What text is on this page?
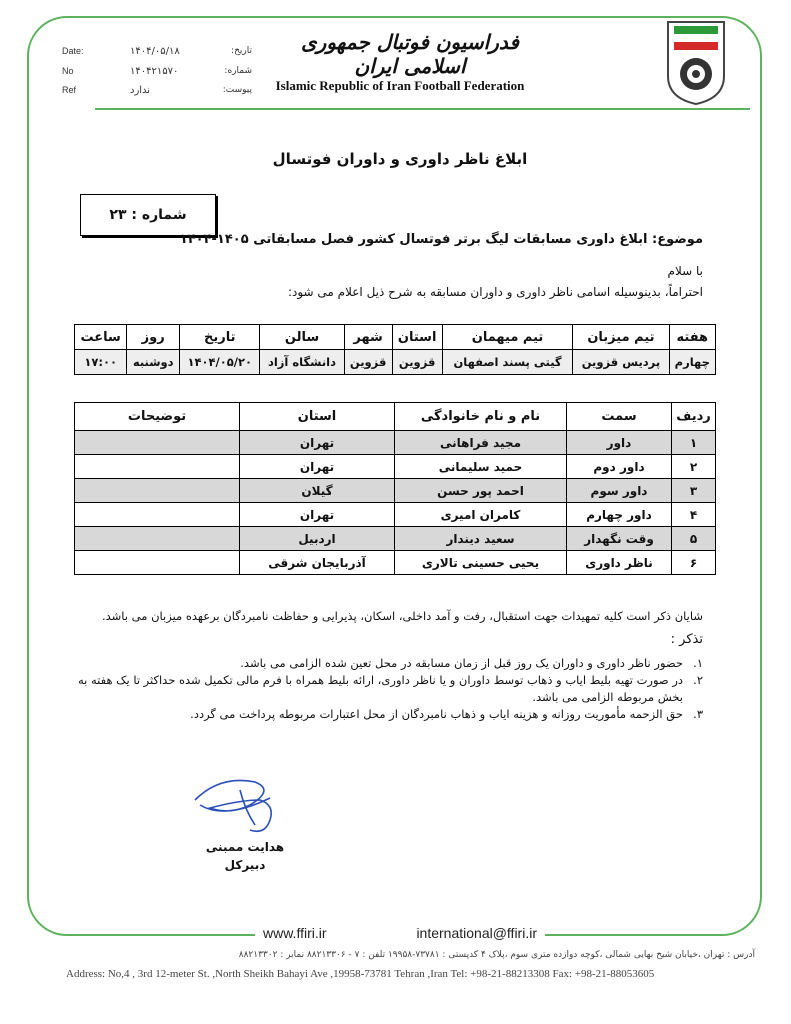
فدراسیون فوتبال جمهوری اسلامی ایران
Islamic Republic of Iran Football Federation
Date:	۱۴۰۴/۰۵/۱۸	تاریخ:
No	۱۴۰۴۲۱۵۷۰	شماره:
Ref	ندارد	پیوست:
ابلاغ ناظر داوری و داوران فوتسال
شماره : ۲۳
موضوع: ابلاغ داوری مسابقات لیگ برتر فوتسال کشور فصل مسابقاتی ۱۴۰۵-۱۴۰۴
با سلام
احتراماً، بدینوسیله اسامی ناظر داوری و داوران مسابقه به شرح ذیل اعلام می شود:
هفته	تیم میزبان	تیم میهمان	استان	شهر	سالن	تاریخ	روز	ساعت
چهارم	پردیس قزوین	گیتی پسند اصفهان	قزوین	قزوین	دانشگاه آزاد	۱۴۰۴/۰۵/۲۰	دوشنبه	۱۷:۰۰
ردیف	سمت	نام و نام خانوادگی	استان	توضیحات
۱	داور	مجید فراهانی	تهران	
۲	داور دوم	حمید سلیمانی	تهران	
۳	داور سوم	احمد پور حسن	گیلان	
۴	داور چهارم	کامران امیری	تهران	
۵	وقت نگهدار	سعید دیندار	اردبیل	
۶	ناظر داوری	یحیی حسینی تالاری	آذربایجان شرقی	
شایان ذکر است کلیه تمهیدات جهت استقبال، رفت و آمد داخلی، اسکان، پذیرایی و حفاظت نامبردگان برعهده میزبان می باشد.
تذکر :
۱.
حضور ناظر داوری و داوران یک روز قبل از زمان مسابقه در محل تعین شده الزامی می باشد.
۲.
در صورت تهیه بلیط ایاب و ذهاب توسط داوران و یا ناظر داوری، ارائه بلیط همراه با فرم مالی تکمیل شده حداکثر تا یک هفته به بخش مربوطه الزامی می باشد.
۳.
حق الزحمه مأموریت روزانه و هزینه ایاب و ذهاب نامبردگان از محل اعتبارات مربوطه پرداخت می گردد.
هدایت ممبنی
دبیرکل
www.ffiri.ir	international@ffiri.ir
آدرس : تهران ،خیابان شیخ بهایی شمالی ،کوچه دوازده متری سوم ،پلاک ۴ کدپستی : ۷۳۷۸۱-۱۹۹۵۸ تلفن : ۷ - ۸۸۲۱۳۳۰۶ نمابر : ۸۸۲۱۳۳۰۲
Address: No,4 , 3rd 12-meter St. ,North Sheikh Bahayi Ave ,19958-73781 Tehran ,Iran Tel: +98-21-88213308 Fax: +98-21-88053605
